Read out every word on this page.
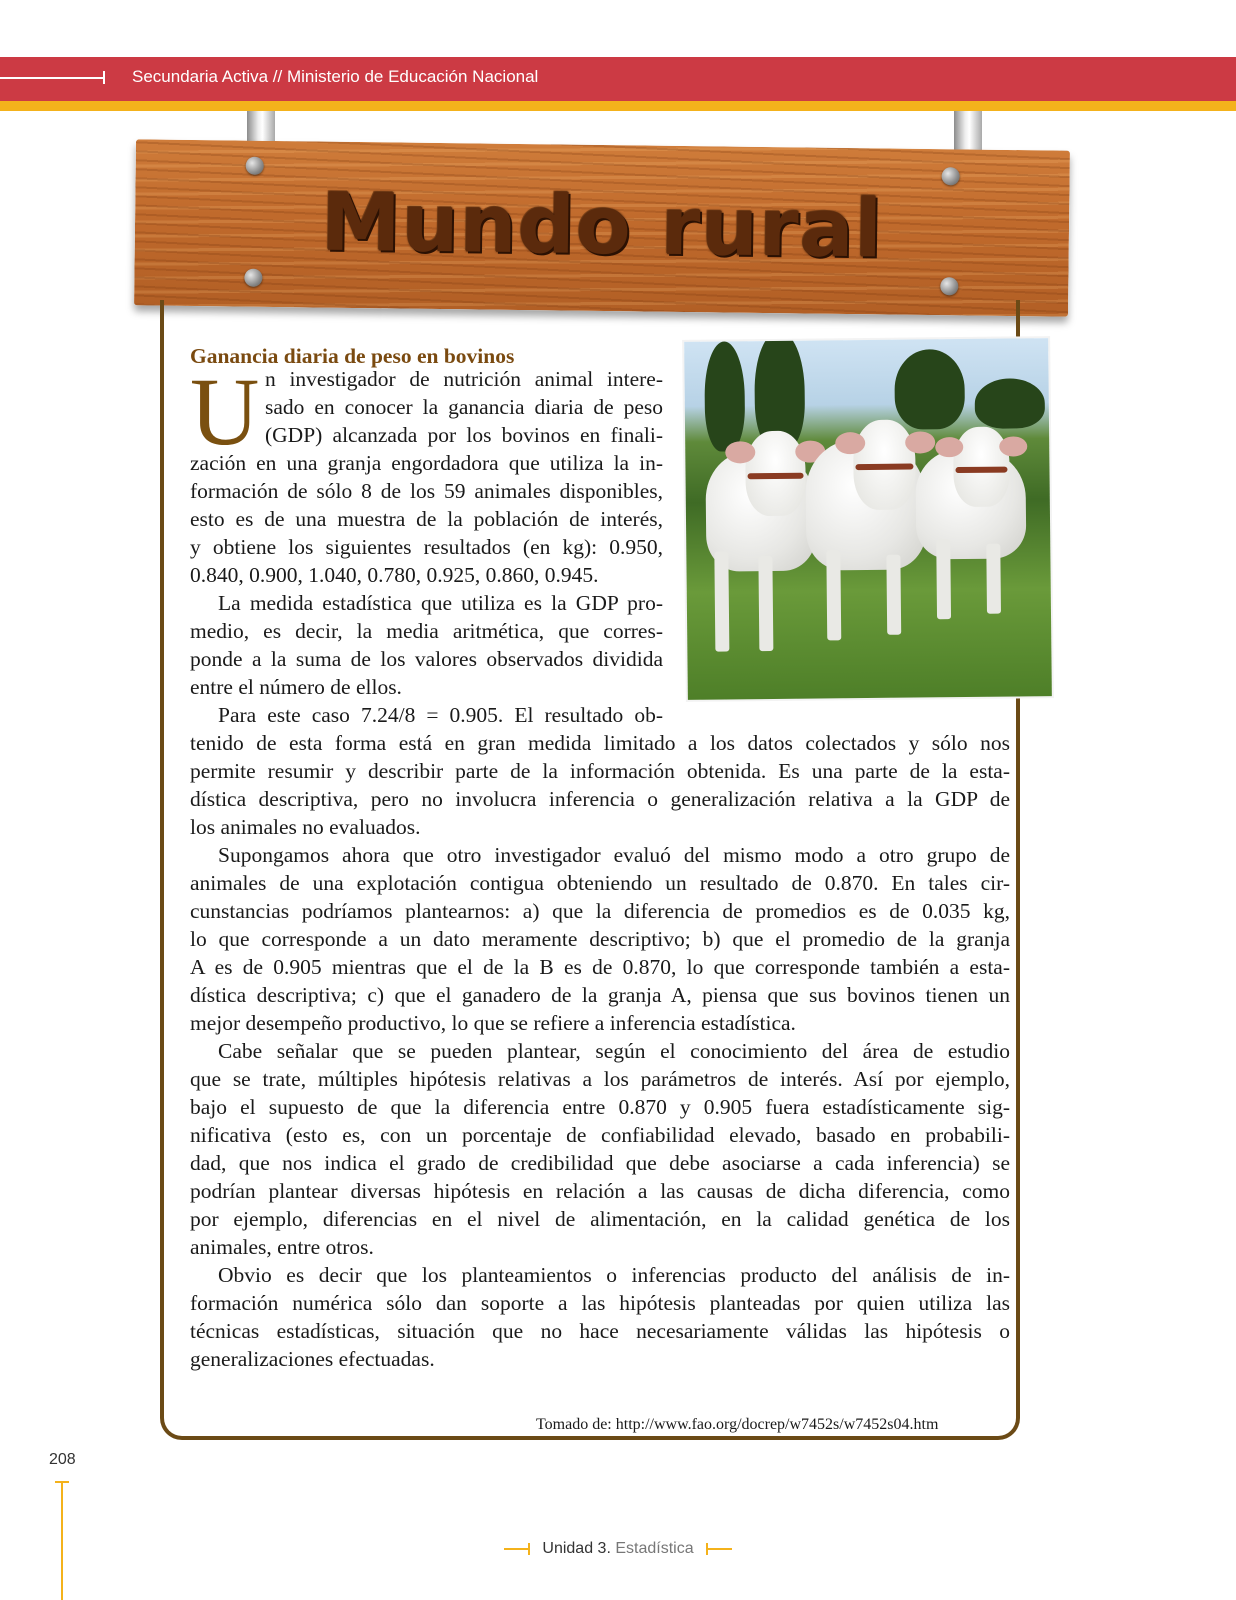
Secundaria Activa // Ministerio de Educación Nacional
Mundo rural
Ganancia diaria de peso en bovinos
U n investigador de nutrición animal intere-
sado en conocer la ganancia diaria de peso
(GDP) alcanzada por los bovinos en finali-
zación en una granja engordadora que utiliza la in-
formación de sólo 8 de los 59 animales disponibles,
esto es de una muestra de la población de interés,
y obtiene los siguientes resultados (en kg): 0.950,
0.840, 0.900, 1.040, 0.780, 0.925, 0.860, 0.945.
La medida estadística que utiliza es la GDP pro-
medio, es decir, la media aritmética, que corres-
ponde a la suma de los valores observados dividida
entre el número de ellos.
Para este caso 7.24/8 = 0.905. El resultado ob-
tenido de esta forma está en gran medida limitado a los datos colectados y sólo nos
permite resumir y describir parte de la información obtenida. Es una parte de la esta-
dística descriptiva, pero no involucra inferencia o generalización relativa a la GDP de
los animales no evaluados.
Supongamos ahora que otro investigador evaluó del mismo modo a otro grupo de
animales de una explotación contigua obteniendo un resultado de 0.870. En tales cir-
cunstancias podríamos plantearnos: a) que la diferencia de promedios es de 0.035 kg,
lo que corresponde a un dato meramente descriptivo; b) que el promedio de la granja
A es de 0.905 mientras que el de la B es de 0.870, lo que corresponde también a esta-
dística descriptiva; c) que el ganadero de la granja A, piensa que sus bovinos tienen un
mejor desempeño productivo, lo que se refiere a inferencia estadística.
Cabe señalar que se pueden plantear, según el conocimiento del área de estudio
que se trate, múltiples hipótesis relativas a los parámetros de interés. Así por ejemplo,
bajo el supuesto de que la diferencia entre 0.870 y 0.905 fuera estadísticamente sig-
nificativa (esto es, con un porcentaje de confiabilidad elevado, basado en probabili-
dad, que nos indica el grado de credibilidad que debe asociarse a cada inferencia) se
podrían plantear diversas hipótesis en relación a las causas de dicha diferencia, como
por ejemplo, diferencias en el nivel de alimentación, en la calidad genética de los
animales, entre otros.
Obvio es decir que los planteamientos o inferencias producto del análisis de in-
formación numérica sólo dan soporte a las hipótesis planteadas por quien utiliza las
técnicas estadísticas, situación que no hace necesariamente válidas las hipótesis o
generalizaciones efectuadas.
Tomado de: http://www.fao.org/docrep/w7452s/w7452s04.htm
208
Unidad 3. Estadística
